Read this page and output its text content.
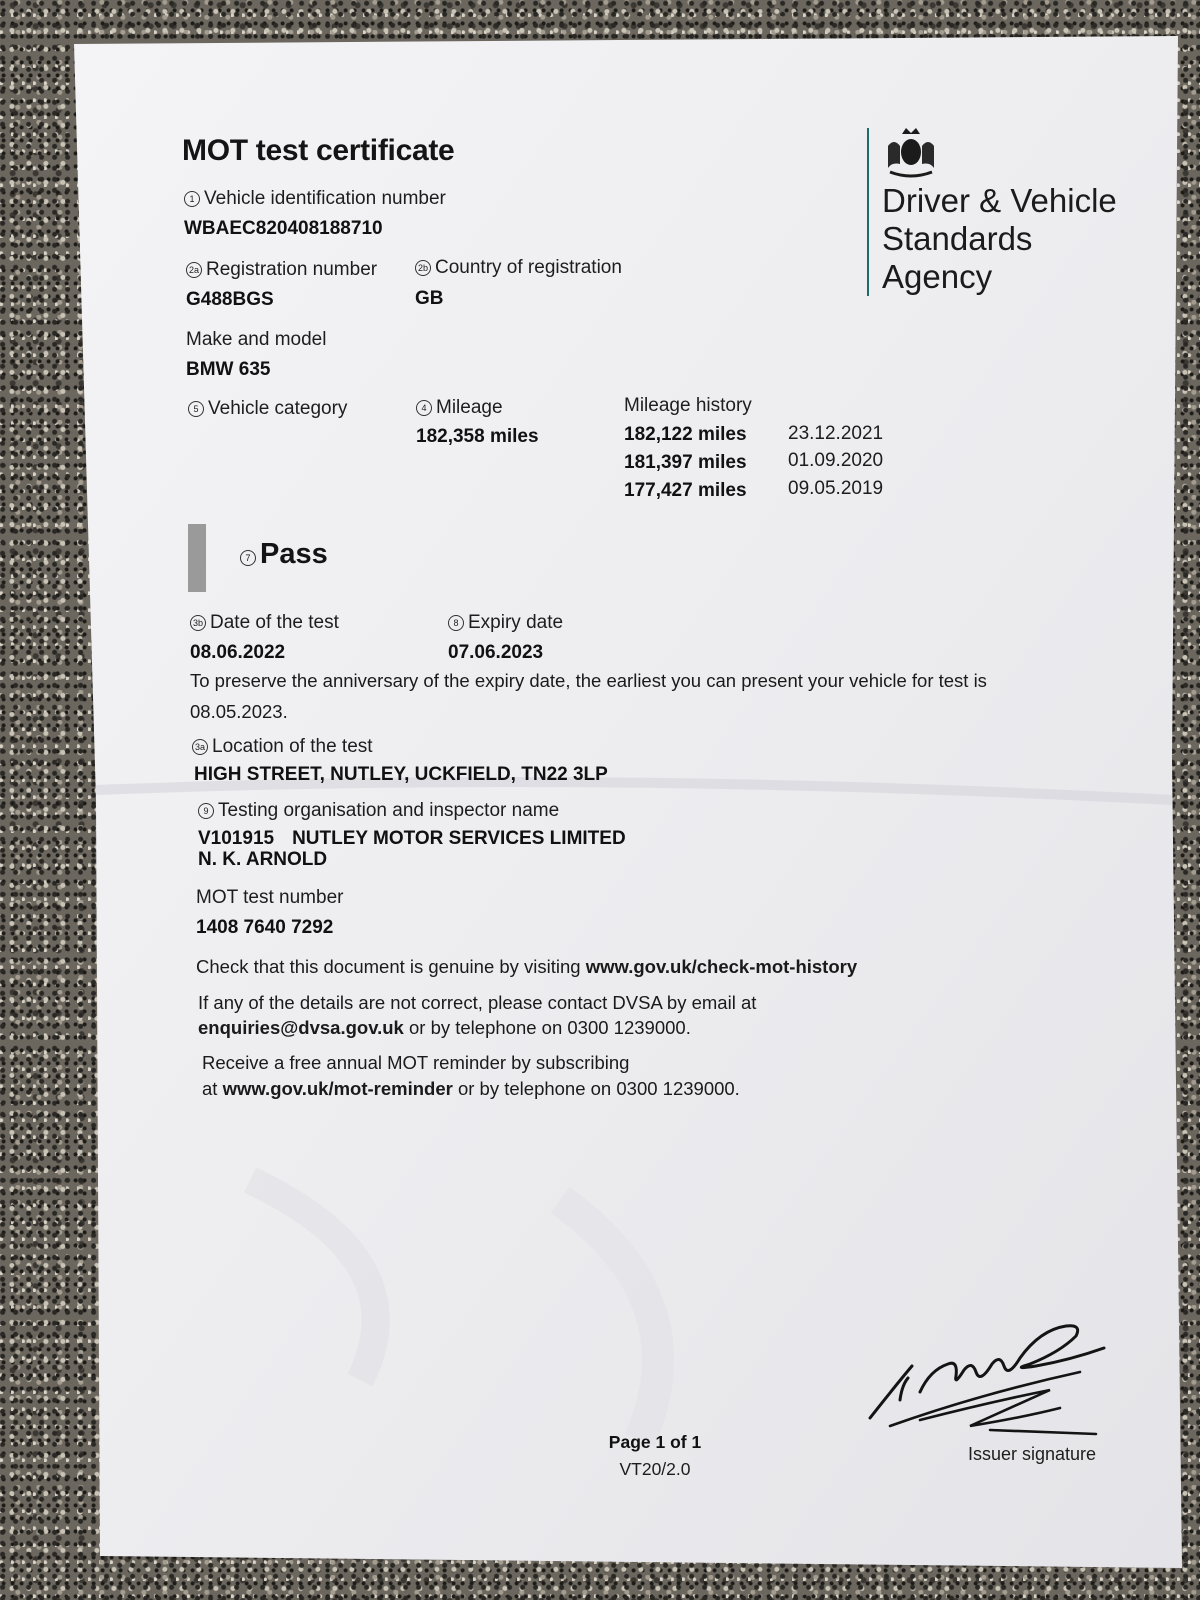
MOT test certificate
Driver & Vehicle
Standards
Agency
1 Vehicle identification number
WBAEC820408188710
2a Registration number
G488BGS
2b Country of registration
GB
Make and model
BMW 635
5 Vehicle category	4 Mileage
182,358 miles
Mileage history
182,122 miles 23.12.2021
181,397 miles 01.09.2020
177,427 miles 09.05.2019
7 Pass
3b Date of the test
08.06.2022
8 Expiry date
07.06.2023
To preserve the anniversary of the expiry date, the earliest you can present your vehicle for test is
08.05.2023.
3a Location of the test
HIGH STREET, NUTLEY, UCKFIELD, TN22 3LP
9 Testing organisation and inspector name
V101915 NUTLEY MOTOR SERVICES LIMITED
N. K. ARNOLD
MOT test number
1408 7640 7292
Check that this document is genuine by visiting www.gov.uk/check-mot-history
If any of the details are not correct, please contact DVSA by email at
enquiries@dvsa.gov.uk or by telephone on 0300 1239000.
Receive a free annual MOT reminder by subscribing
at www.gov.uk/mot-reminder or by telephone on 0300 1239000.
Page 1 of 1
VT20/2.0
Issuer signature
